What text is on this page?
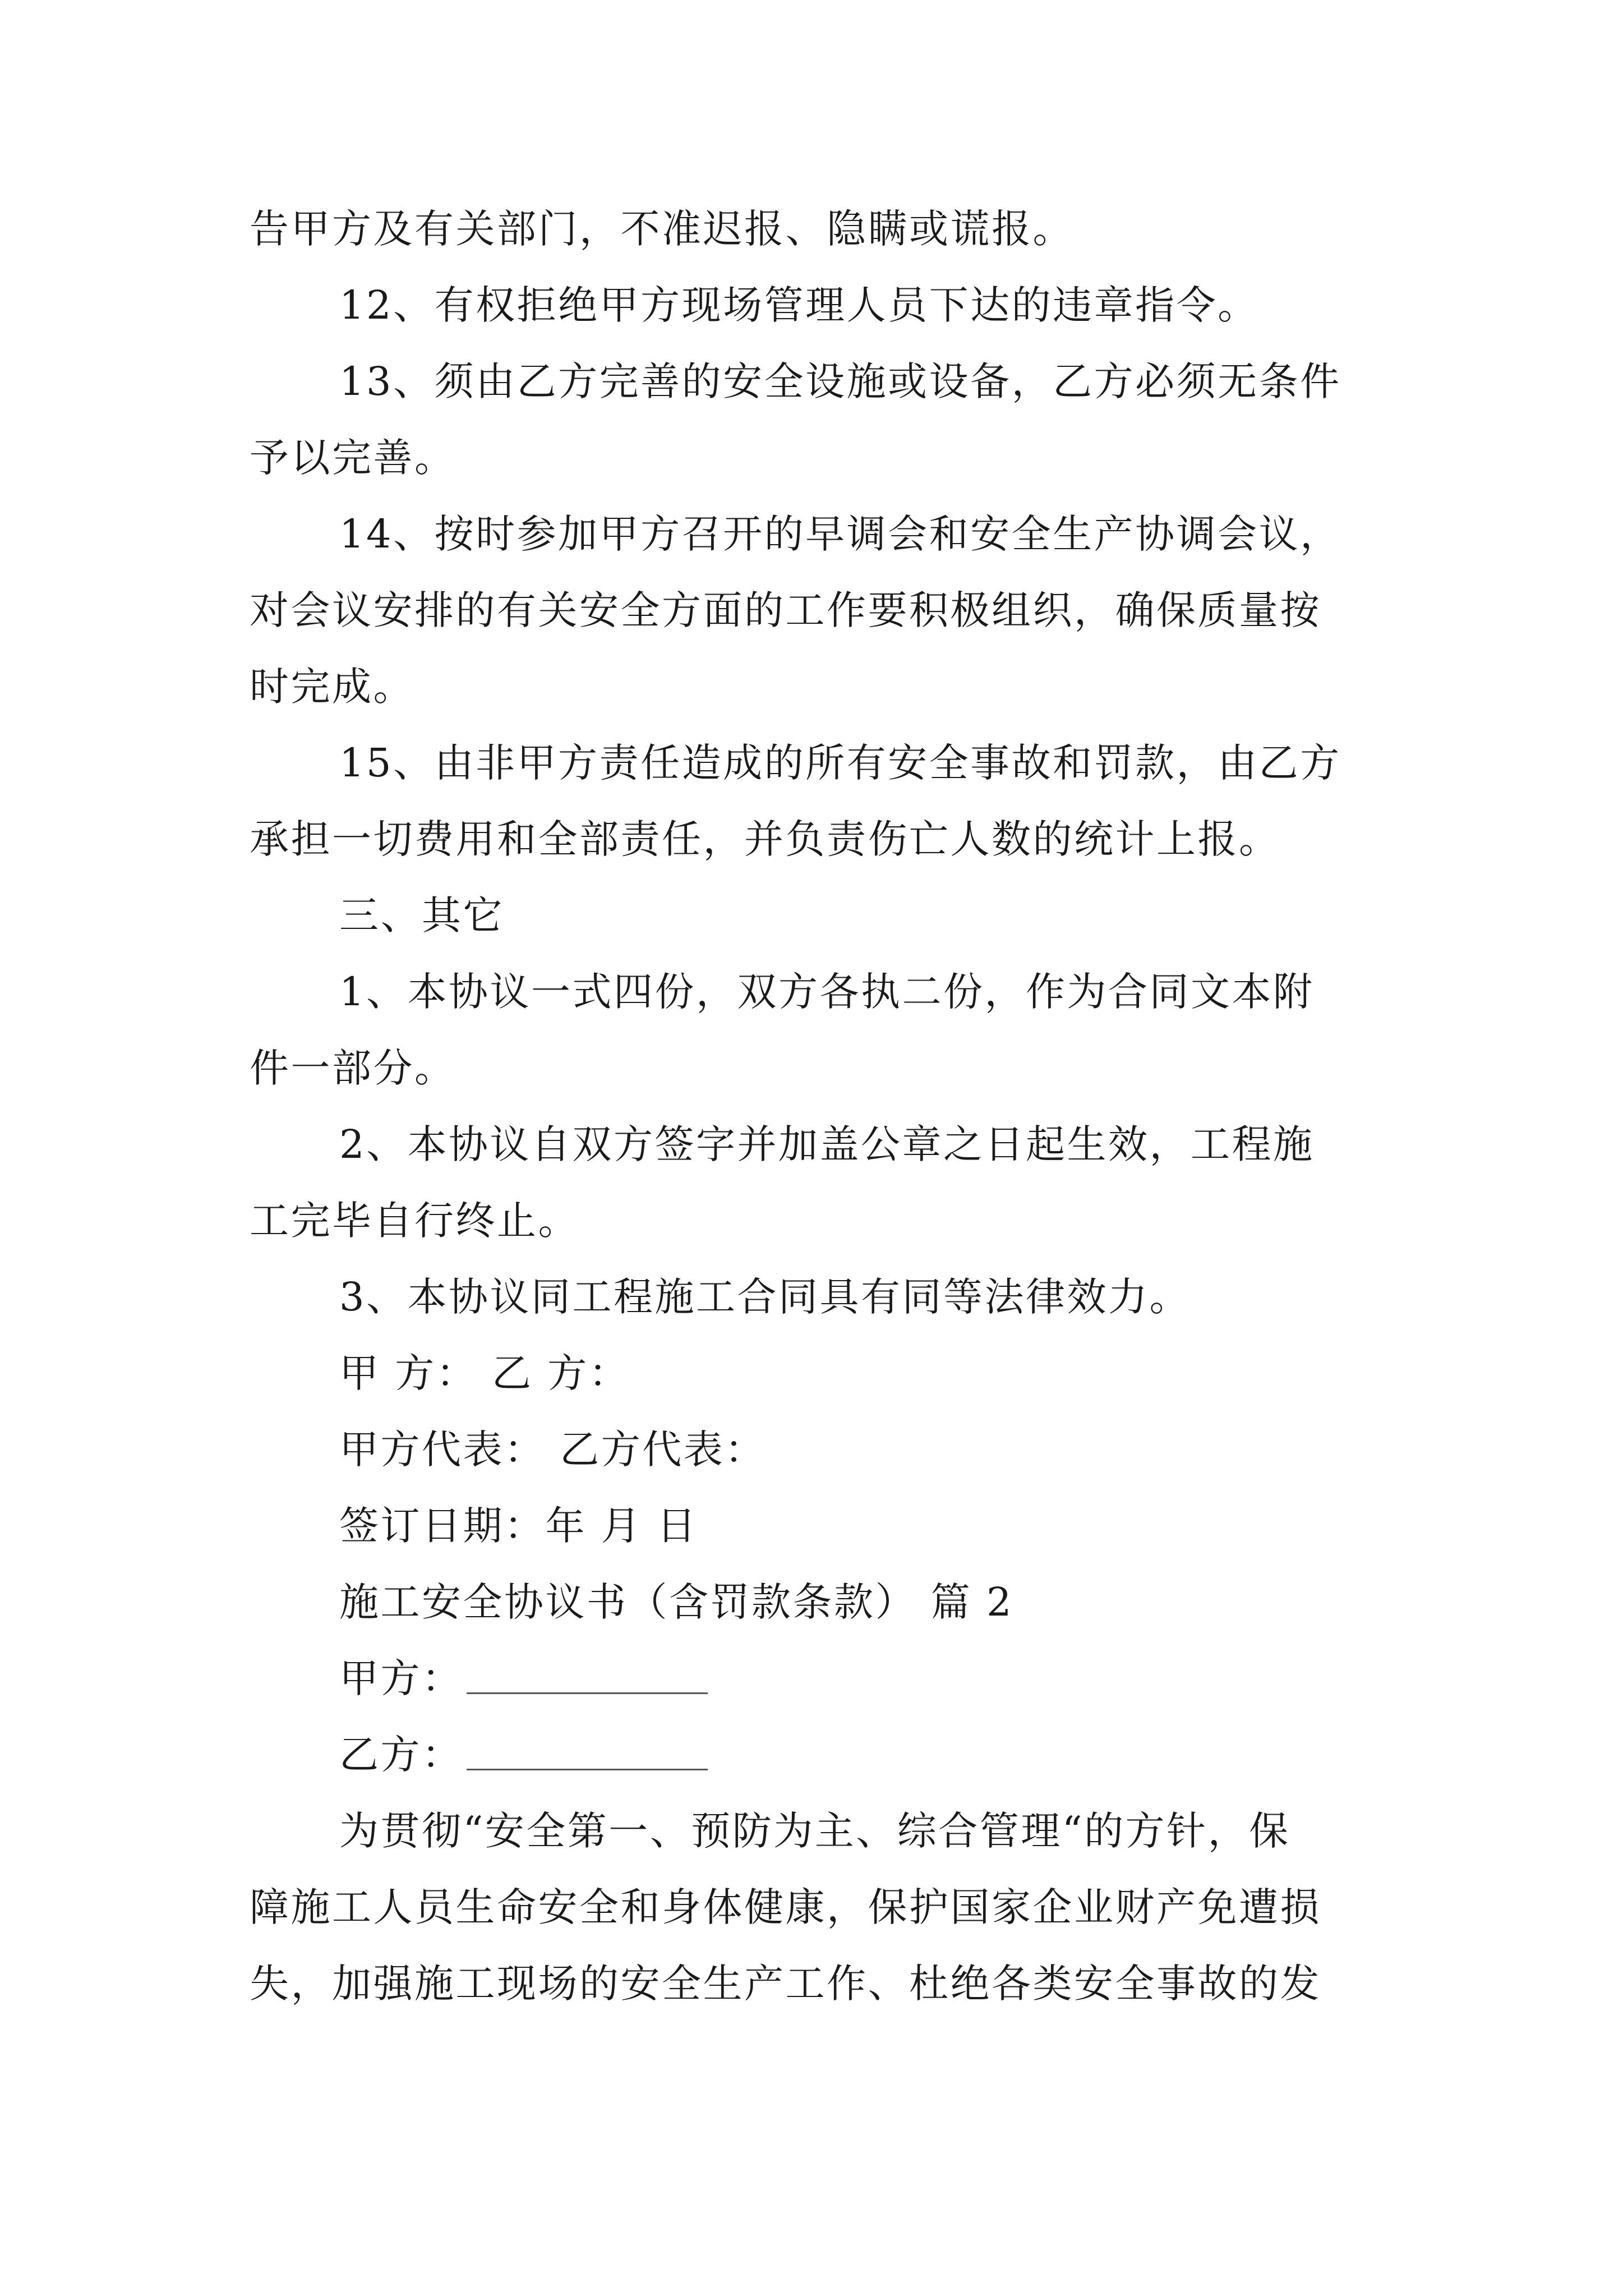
告甲方及有关部门，不准迟报、隐瞒或谎报。
12、有权拒绝甲方现场管理人员下达的违章指令。
13、须由乙方完善的安全设施或设备，乙方必须无条件
予以完善。
14、按时参加甲方召开的早调会和安全生产协调会议，
对会议安排的有关安全方面的工作要积极组织，确保质量按
时完成。
15、由非甲方责任造成的所有安全事故和罚款，由乙方
承担一切费用和全部责任，并负责伤亡人数的统计上报。
三、其它
1、本协议一式四份，双方各执二份，作为合同文本附
件一部分。
2、本协议自双方签字并加盖公章之日起生效，工程施
工完毕自行终止。
3、本协议同工程施工合同具有同等法律效力。
甲 方： 乙 方：
甲方代表： 乙方代表：
签订日期：年 月 日
施工安全协议书（含罚款条款） 篇 2
甲方：
乙方：
为贯彻“安全第一、预防为主、综合管理“的方针，保
障施工人员生命安全和身体健康，保护国家企业财产免遭损
失，加强施工现场的安全生产工作、杜绝各类安全事故的发
